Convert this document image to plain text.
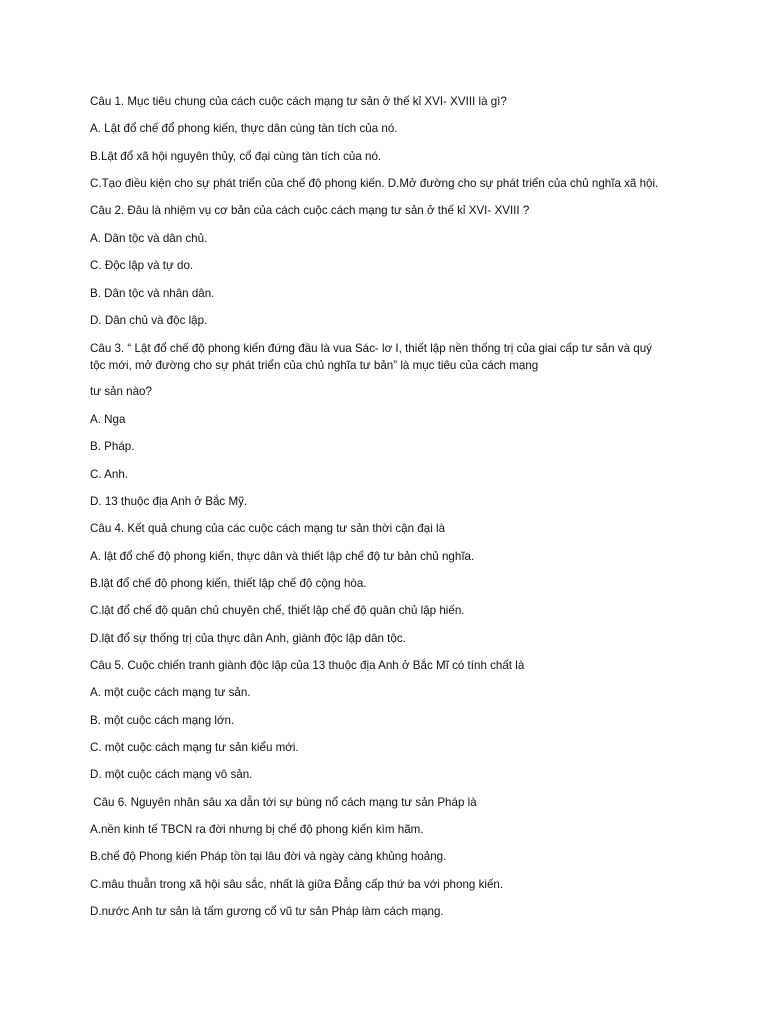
Câu 1. Mục tiêu chung của cách cuộc cách mạng tư sản ở thế kỉ XVI- XVIII là gì?
A. Lật đổ chế đổ phong kiến, thực dân cùng tàn tích của nó.
B.Lật đổ xã hội nguyên thủy, cổ đại cùng tàn tích của nó.
C.Tạo điều kiện cho sự phát triển của chế độ phong kiến. D.Mở đường cho sự phát triển của chủ nghĩa xã hội.
Câu 2. Đâu là nhiệm vụ cơ bản của cách cuộc cách mạng tư sản ở thế kỉ XVI- XVIII ?
A. Dân tộc và dân chủ.
C. Độc lập và tự do.
B. Dân tộc và nhân dân.
D. Dân chủ và độc lập.
Câu 3. “ Lật đổ chế độ phong kiến đứng đầu là vua Sác- lơ I, thiết lập nền thống trị của giai cấp tư sản và quý tộc mới, mở đường cho sự phát triển của chủ nghĩa tư bản” là mục tiêu của cách mạng
tư sản nào?
A. Nga
B. Pháp.
C. Anh.
D. 13 thuộc địa Anh ở Bắc Mỹ.
Câu 4. Kết quả chung của các cuộc cách mạng tư sản thời cận đại là
A. lật đổ chế độ phong kiến, thực dân và thiết lập chế độ tư bản chủ nghĩa.
B.lật đổ chế độ phong kiến, thiết lập chế độ cộng hòa.
C.lật đổ chế độ quân chủ chuyên chế, thiết lập chế độ quân chủ lập hiến.
D.lật đổ sự thống trị của thực dân Anh, giành độc lập dân tộc.
Câu 5. Cuộc chiến tranh giành độc lập của 13 thuộc địa Anh ở Bắc Mĩ có tính chất là
A. một cuộc cách mạng tư sản.
B. một cuộc cách mạng lớn.
C. một cuộc cách mạng tư sản kiểu mới.
D. một cuộc cách mạng vô sản.
Câu 6. Nguyên nhân sâu xa dẫn tới sự bùng nổ cách mạng tư sản Pháp là
A.nền kinh tế TBCN ra đời nhưng bị chế độ phong kiến kìm hãm.
B.chế độ Phong kiến Pháp tồn tại lâu đời và ngày càng khủng hoảng.
C.mâu thuẫn trong xã hội sâu sắc, nhất là giữa Đẳng cấp thứ ba với phong kiến.
D.nước Anh tư sản là tấm gương cổ vũ tư sản Pháp làm cách mạng.
